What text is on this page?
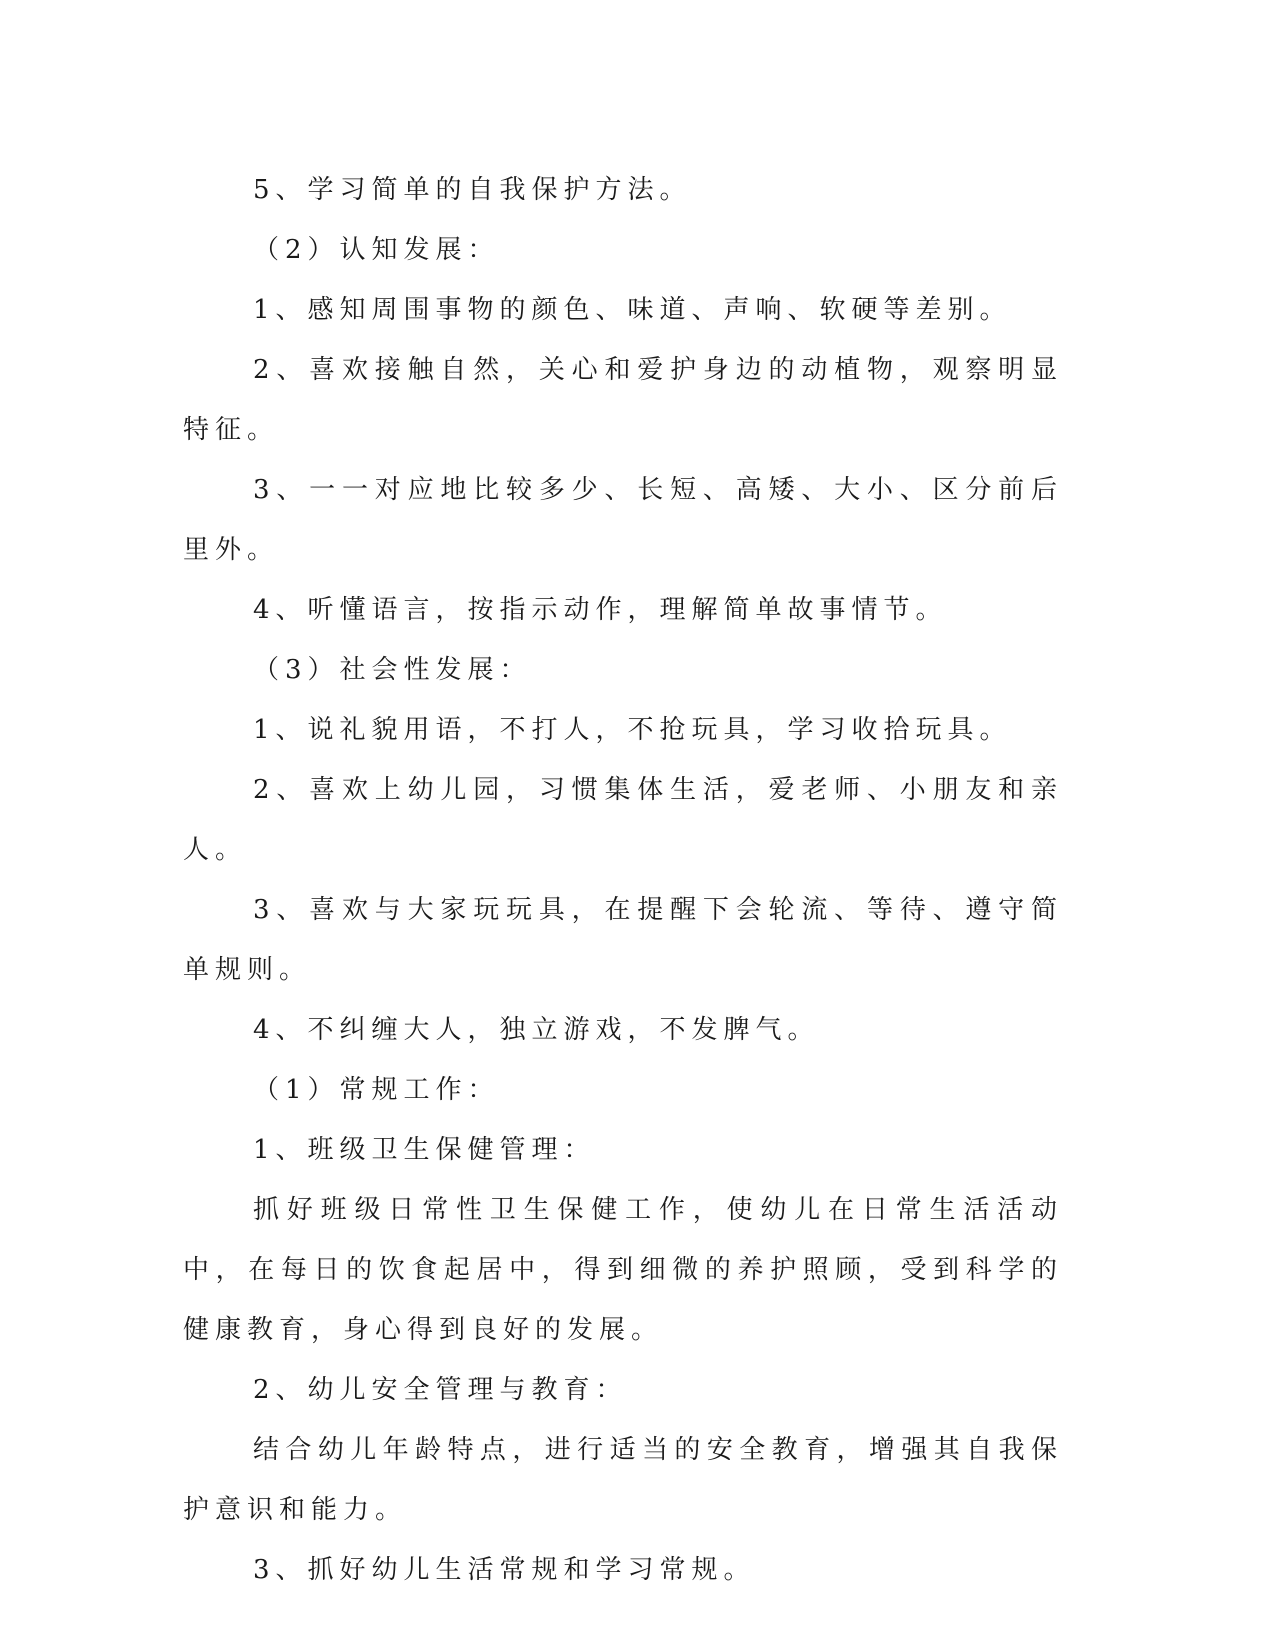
5、学习简单的自我保护方法。

（2）认知发展：

1、感知周围事物的颜色、味道、声响、软硬等差别。

2、喜欢接触自然，关心和爱护身边的动植物，观察明显特征。

3、一一对应地比较多少、长短、高矮、大小、区分前后里外。

4、听懂语言，按指示动作，理解简单故事情节。

（3）社会性发展：

1、说礼貌用语，不打人，不抢玩具，学习收拾玩具。

2、喜欢上幼儿园，习惯集体生活，爱老师、小朋友和亲人。

3、喜欢与大家玩玩具，在提醒下会轮流、等待、遵守简单规则。

4、不纠缠大人，独立游戏，不发脾气。

（1）常规工作：

1、班级卫生保健管理：

抓好班级日常性卫生保健工作，使幼儿在日常生活活动中，在每日的饮食起居中，得到细微的养护照顾，受到科学的健康教育，身心得到良好的发展。

2、幼儿安全管理与教育：

结合幼儿年龄特点，进行适当的安全教育，增强其自我保护意识和能力。

3、抓好幼儿生活常规和学习常规。
